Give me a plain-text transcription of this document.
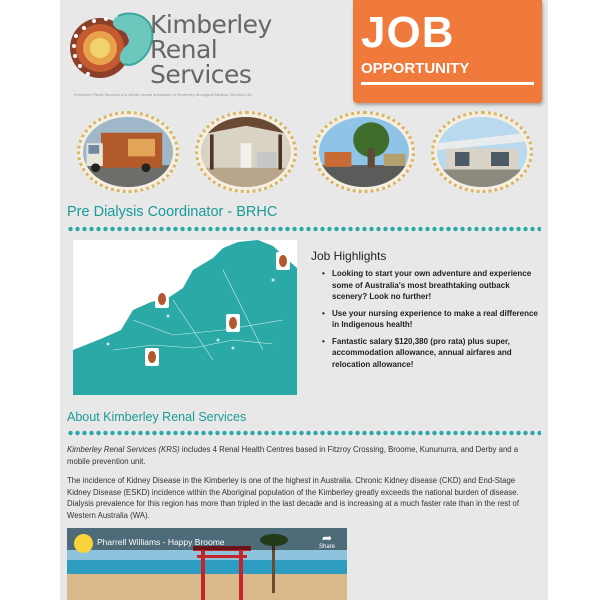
Kimberley
Renal
Services
Kimberley Renal Services is a wholly owned subsidiary of Kimberley Aboriginal Medical Services Ltd
JOB
OPPORTUNITY
Pre Dialysis Coordinator - BRHC
Job Highlights
• Looking to start your own adventure and experience some of Australia's most breathtaking outback scenery? Look no further!
• Use your nursing experience to make a real difference in Indigenous health!
• Fantastic salary $120,380 (pro rata) plus super, accommodation allowance, annual airfares and relocation allowance!
About Kimberley Renal Services
Kimberley Renal Services (KRS) includes 4 Renal Health Centres based in Fitzroy Crossing, Broome, Kununurra, and Derby and a mobile prevention unit.
The incidence of Kidney Disease in the Kimberley is one of the highest in Australia. Chronic Kidney disease (CKD) and End-Stage Kidney Disease (ESKD) incidence within the Aboriginal population of the Kimberley greatly exceeds the national burden of disease. Dialysis prevalence for this region has more than tripled in the last decade and is increasing at a much faster rate than in the rest of Western Australia (WA).
Pharrell Williams - Happy Broome	➦
Share
